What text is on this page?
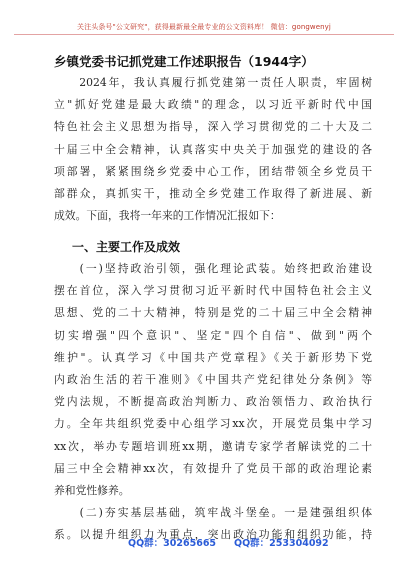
关注头条号"公文研究"，获得最新最全最专业的公文资料库！ 微信：gongwenyj
乡镇党委书记抓党建工作述职报告（1944字）
　　2024年，我认真履行抓党建第一责任人职责，牢固树
立"抓好党建是最大政绩"的理念，以习近平新时代中国
特色社会主义思想为指导，深入学习贯彻党的二十大及二
十届三中全会精神，认真落实中央关于加强党的建设的各
项部署，紧紧围绕乡党委中心工作，团结带领全乡党员干
部群众，真抓实干，推动全乡党建工作取得了新进展、新
成效。下面，我将一年来的工作情况汇报如下：
一、主要工作及成效
　　(一)坚持政治引领，强化理论武装。始终把政治建设
摆在首位，深入学习贯彻习近平新时代中国特色社会主义
思想、党的二十大精神，特别是党的二十届三中全会精神
切实增强"四个意识"、坚定"四个自信"、做到"两个
维护"。认真学习《中国共产党章程》《关于新形势下党
内政治生活的若干准则》《中国共产党纪律处分条例》等
党内法规，不断提高政治判断力、政治领悟力、政治执行
力。全年共组织党委中心组学习xx次，开展党员集中学习
xx次，举办专题培训班xx期，邀请专家学者解读党的二十
届三中全会精神xx次，有效提升了党员干部的政治理论素
养和党性修养。
　　(二)夯实基层基础，筑牢战斗堡垒。一是建强组织体
系。以提升组织力为重点，突出政治功能和组织功能，持
QQ群：30265665 QQ群：253304092
